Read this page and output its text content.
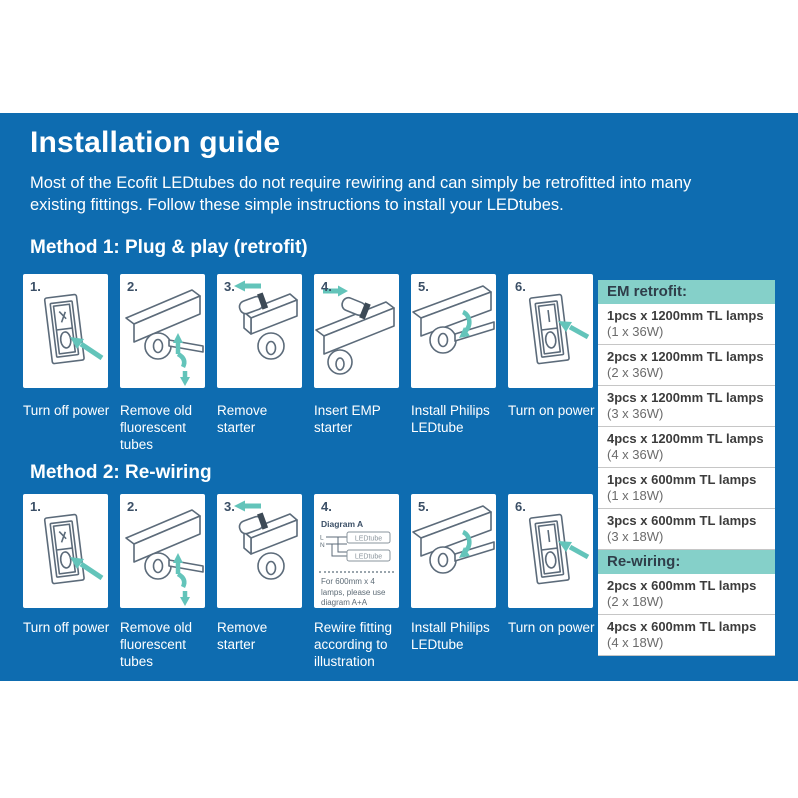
Installation guide

Most of the Ecofit LEDtubes do not require rewiring and can simply be retrofitted into many existing fittings. Follow these simple instructions to install your LEDtubes.

Method 1: Plug & play (retrofit)
1.	2.	3.	4.	5.	6.
Turn off power Remove old fluorescent tubes
Remove starter
Insert EMP starter
Install Philips LEDtube
Turn on power
Method 2: Re-wiring
1.	2.	3.	4.
Diagram A
L
N
LEDtube
LEDtube
For 600mm x 4 lamps, please use diagram A+A
5.	6.
Turn off power Remove old fluorescent tubes
Remove starter
Rewire fitting according to illustration
Install Philips LEDtube
Turn on power
EM retrofit:
1pcs x 1200mm TL lamps
(1 x 36W)
2pcs x 1200mm TL lamps
(2 x 36W)
3pcs x 1200mm TL lamps
(3 x 36W)
4pcs x 1200mm TL lamps
(4 x 36W)
1pcs x 600mm TL lamps
(1 x 18W)
3pcs x 600mm TL lamps
(3 x 18W)
Re-wiring:
2pcs x 600mm TL lamps
(2 x 18W)
4pcs x 600mm TL lamps
(4 x 18W)
